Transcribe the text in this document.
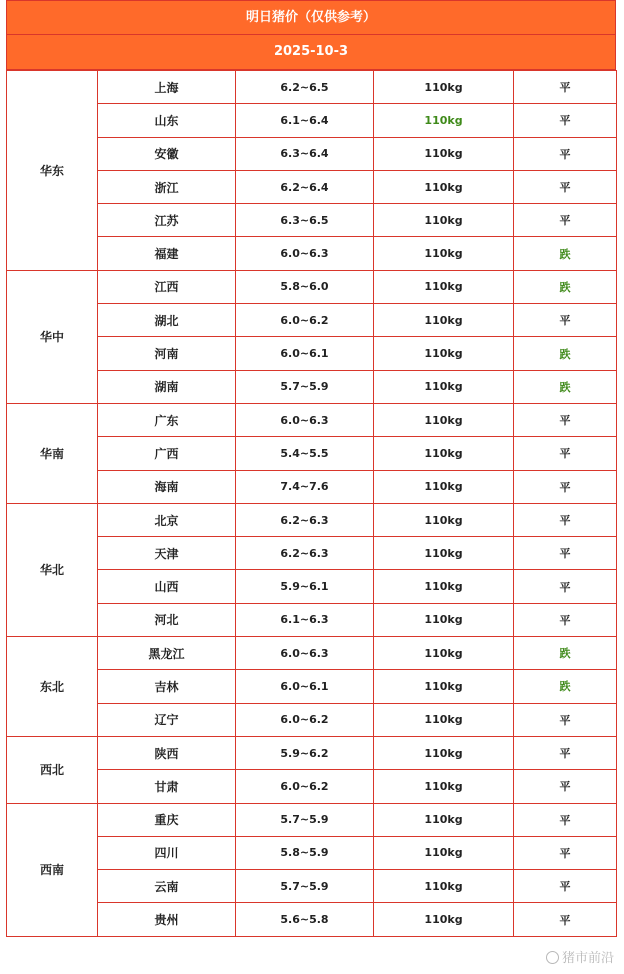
明日猪价（仅供参考）
2025-10-3
华东	上海	6.2~6.5	110kg	平
	山东	6.1~6.4	110kg	平
	安徽	6.3~6.4	110kg	平
	浙江	6.2~6.4	110kg	平
	江苏	6.3~6.5	110kg	平
	福建	6.0~6.3	110kg	跌
华中	江西	5.8~6.0	110kg	跌
	湖北	6.0~6.2	110kg	平
	河南	6.0~6.1	110kg	跌
	湖南	5.7~5.9	110kg	跌
华南	广东	6.0~6.3	110kg	平
	广西	5.4~5.5	110kg	平
	海南	7.4~7.6	110kg	平
华北	北京	6.2~6.3	110kg	平
	天津	6.2~6.3	110kg	平
	山西	5.9~6.1	110kg	平
	河北	6.1~6.3	110kg	平
东北	黑龙江	6.0~6.3	110kg	跌
	吉林	6.0~6.1	110kg	跌
	辽宁	6.0~6.2	110kg	平
西北	陕西	5.9~6.2	110kg	平
	甘肃	6.0~6.2	110kg	平
西南	重庆	5.7~5.9	110kg	平
	四川	5.8~5.9	110kg	平
	云南	5.7~5.9	110kg	平
	贵州	5.6~5.8	110kg	平
猪市前沿
